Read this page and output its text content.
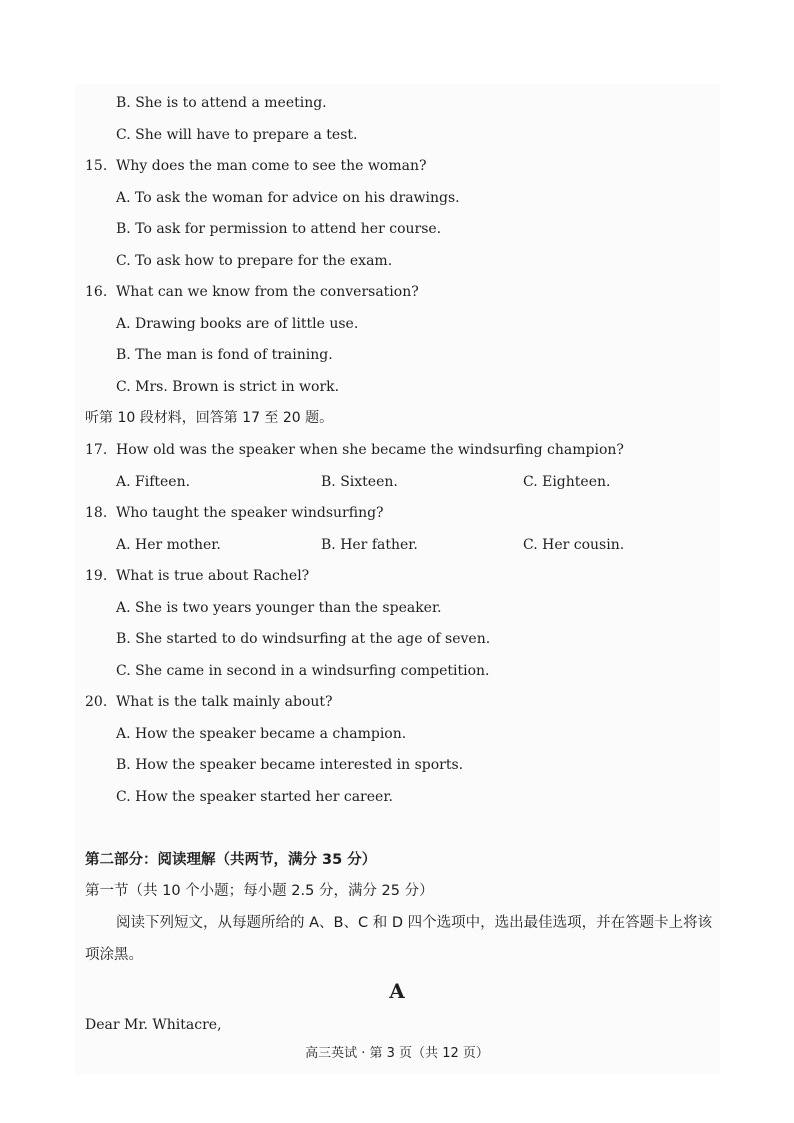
B. She is to attend a meeting.
C. She will have to prepare a test.
15. Why does the man come to see the woman?
A. To ask the woman for advice on his drawings.
B. To ask for permission to attend her course.
C. To ask how to prepare for the exam.
16. What can we know from the conversation?
A. Drawing books are of little use.
B. The man is fond of training.
C. Mrs. Brown is strict in work.
听第 10 段材料，回答第 17 至 20 题。
17. How old was the speaker when she became the windsurfing champion?
A. Fifteen.	B. Sixteen.	C. Eighteen.
18. Who taught the speaker windsurfing?
A. Her mother.	B. Her father.	C. Her cousin.
19. What is true about Rachel?
A. She is two years younger than the speaker.
B. She started to do windsurfing at the age of seven.
C. She came in second in a windsurfing competition.
20. What is the talk mainly about?
A. How the speaker became a champion.
B. How the speaker became interested in sports.
C. How the speaker started her career.
第二部分：阅读理解（共两节，满分 35 分）
第一节（共 10 个小题；每小题 2.5 分，满分 25 分）
阅读下列短文，从每题所给的 A、B、C 和 D 四个选项中，选出最佳选项，并在答题卡上将该
项涂黑。
A
Dear Mr. Whitacre,
高三英试 · 第 3 页（共 12 页）
